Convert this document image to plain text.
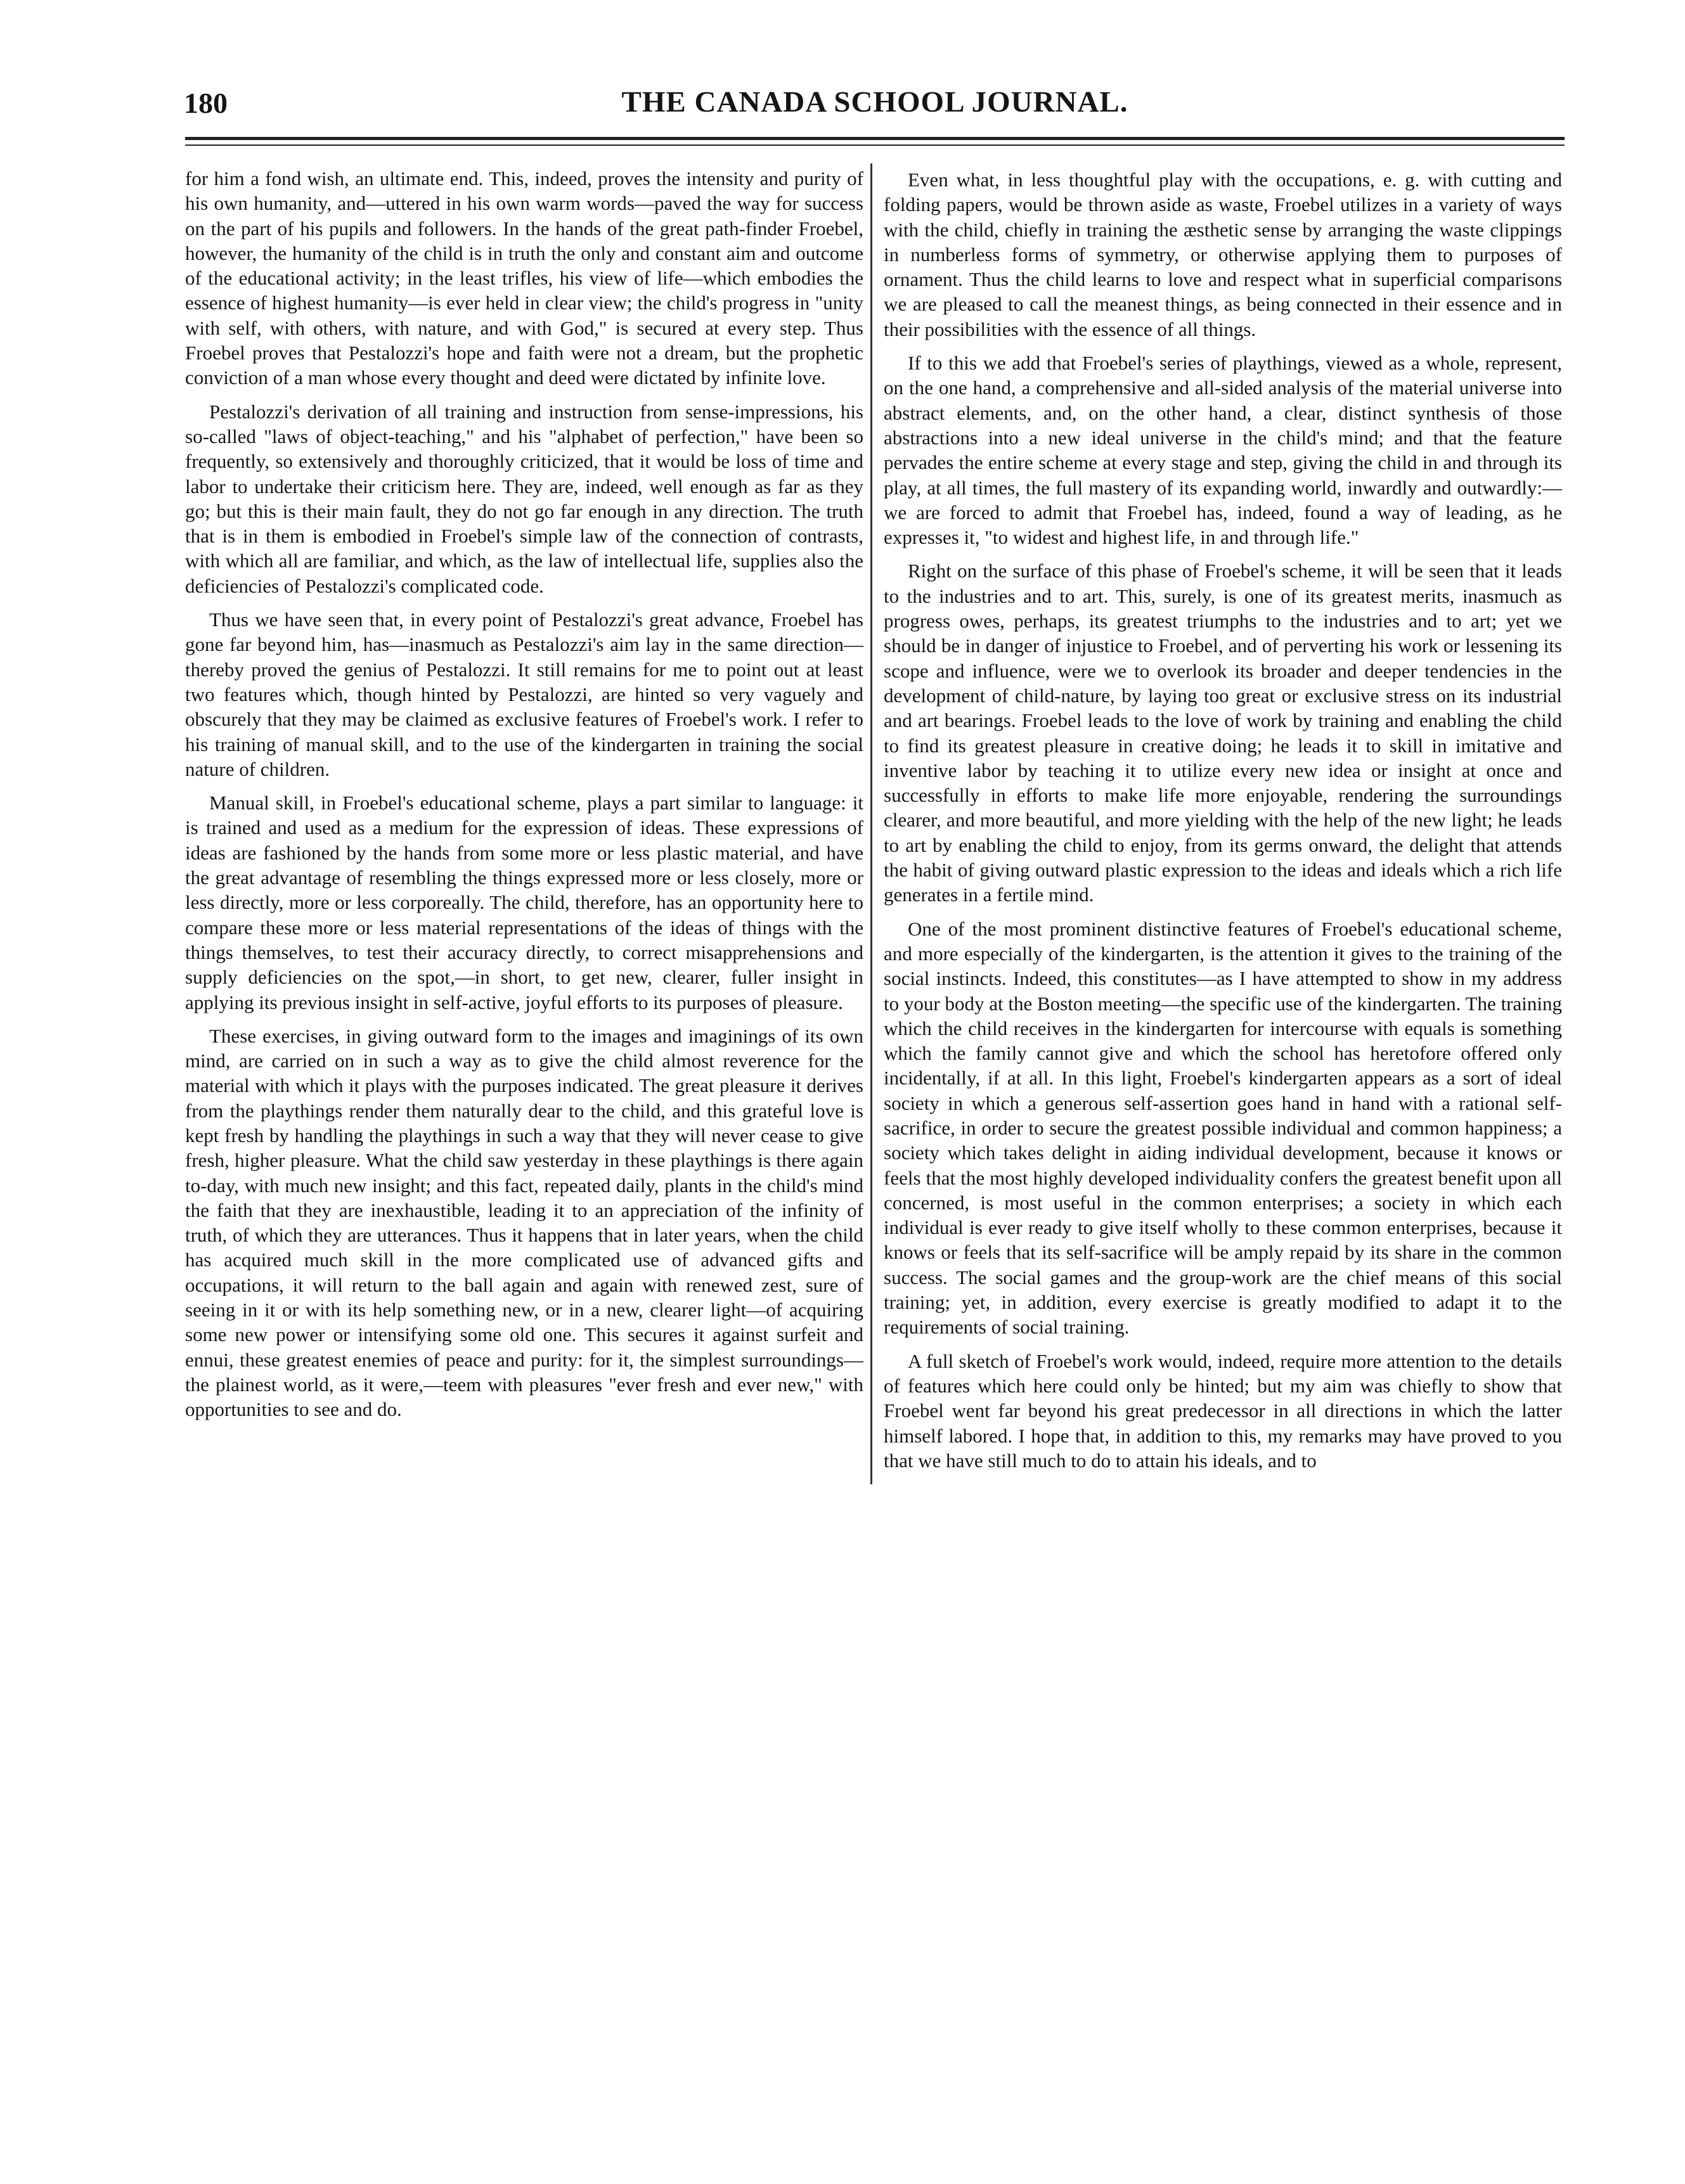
180	THE CANADA SCHOOL JOURNAL.

for him a fond wish, an ultimate end. This, indeed, proves the intensity and purity of his own humanity, and—uttered in his own warm words—paved the way for success on the part of his pupils and followers. In the hands of the great path-finder Froebel, however, the humanity of the child is in truth the only and constant aim and outcome of the educational activity; in the least trifles, his view of life—which embodies the essence of highest humanity—is ever held in clear view; the child's progress in "unity with self, with others, with nature, and with God," is secured at every step. Thus Froebel proves that Pestalozzi's hope and faith were not a dream, but the prophetic conviction of a man whose every thought and deed were dictated by infinite love.

Pestalozzi's derivation of all training and instruction from sense-impressions, his so-called "laws of object-teaching," and his "alphabet of perfection," have been so frequently, so extensively and thoroughly criticized, that it would be loss of time and labor to undertake their criticism here. They are, indeed, well enough as far as they go; but this is their main fault, they do not go far enough in any direction. The truth that is in them is embodied in Froebel's simple law of the connection of contrasts, with which all are familiar, and which, as the law of intellectual life, supplies also the deficiencies of Pestalozzi's complicated code.

Thus we have seen that, in every point of Pestalozzi's great advance, Froebel has gone far beyond him, has—inasmuch as Pestalozzi's aim lay in the same direction—thereby proved the genius of Pestalozzi. It still remains for me to point out at least two features which, though hinted by Pestalozzi, are hinted so very vaguely and obscurely that they may be claimed as exclusive features of Froebel's work. I refer to his training of manual skill, and to the use of the kindergarten in training the social nature of children.

Manual skill, in Froebel's educational scheme, plays a part similar to language: it is trained and used as a medium for the expression of ideas. These expressions of ideas are fashioned by the hands from some more or less plastic material, and have the great advantage of resembling the things expressed more or less closely, more or less directly, more or less corporeally. The child, therefore, has an opportunity here to compare these more or less material representations of the ideas of things with the things themselves, to test their accuracy directly, to correct misapprehensions and supply deficiencies on the spot,—in short, to get new, clearer, fuller insight in applying its previous insight in self-active, joyful efforts to its purposes of pleasure.

These exercises, in giving outward form to the images and imaginings of its own mind, are carried on in such a way as to give the child almost reverence for the material with which it plays with the purposes indicated. The great pleasure it derives from the playthings render them naturally dear to the child, and this grateful love is kept fresh by handling the playthings in such a way that they will never cease to give fresh, higher pleasure. What the child saw yesterday in these playthings is there again to-day, with much new insight; and this fact, repeated daily, plants in the child's mind the faith that they are inexhaustible, leading it to an appreciation of the infinity of truth, of which they are utterances. Thus it happens that in later years, when the child has acquired much skill in the more complicated use of advanced gifts and occupations, it will return to the ball again and again with renewed zest, sure of seeing in it or with its help something new, or in a new, clearer light—of acquiring some new power or intensifying some old one. This secures it against surfeit and ennui, these greatest enemies of peace and purity: for it, the simplest surroundings—the plainest world, as it were,—teem with pleasures "ever fresh and ever new," with opportunities to see and do.

Even what, in less thoughtful play with the occupations, e. g. with cutting and folding papers, would be thrown aside as waste, Froebel utilizes in a variety of ways with the child, chiefly in training the æsthetic sense by arranging the waste clippings in numberless forms of symmetry, or otherwise applying them to purposes of ornament. Thus the child learns to love and respect what in superficial comparisons we are pleased to call the meanest things, as being connected in their essence and in their possibilities with the essence of all things.

If to this we add that Froebel's series of playthings, viewed as a whole, represent, on the one hand, a comprehensive and all-sided analysis of the material universe into abstract elements, and, on the other hand, a clear, distinct synthesis of those abstractions into a new ideal universe in the child's mind; and that the feature pervades the entire scheme at every stage and step, giving the child in and through its play, at all times, the full mastery of its expanding world, inwardly and outwardly:—we are forced to admit that Froebel has, indeed, found a way of leading, as he expresses it, "to widest and highest life, in and through life."

Right on the surface of this phase of Froebel's scheme, it will be seen that it leads to the industries and to art. This, surely, is one of its greatest merits, inasmuch as progress owes, perhaps, its greatest triumphs to the industries and to art; yet we should be in danger of injustice to Froebel, and of perverting his work or lessening its scope and influence, were we to overlook its broader and deeper tendencies in the development of child-nature, by laying too great or exclusive stress on its industrial and art bearings. Froebel leads to the love of work by training and enabling the child to find its greatest pleasure in creative doing; he leads it to skill in imitative and inventive labor by teaching it to utilize every new idea or insight at once and successfully in efforts to make life more enjoyable, rendering the surroundings clearer, and more beautiful, and more yielding with the help of the new light; he leads to art by enabling the child to enjoy, from its germs onward, the delight that attends the habit of giving outward plastic expression to the ideas and ideals which a rich life generates in a fertile mind.

One of the most prominent distinctive features of Froebel's educational scheme, and more especially of the kindergarten, is the attention it gives to the training of the social instincts. Indeed, this constitutes—as I have attempted to show in my address to your body at the Boston meeting—the specific use of the kindergarten. The training which the child receives in the kindergarten for intercourse with equals is something which the family cannot give and which the school has heretofore offered only incidentally, if at all. In this light, Froebel's kindergarten appears as a sort of ideal society in which a generous self-assertion goes hand in hand with a rational self-sacrifice, in order to secure the greatest possible individual and common happiness; a society which takes delight in aiding individual development, because it knows or feels that the most highly developed individuality confers the greatest benefit upon all concerned, is most useful in the common enterprises; a society in which each individual is ever ready to give itself wholly to these common enterprises, because it knows or feels that its self-sacrifice will be amply repaid by its share in the common success. The social games and the group-work are the chief means of this social training; yet, in addition, every exercise is greatly modified to adapt it to the requirements of social training.

A full sketch of Froebel's work would, indeed, require more attention to the details of features which here could only be hinted; but my aim was chiefly to show that Froebel went far beyond his great predecessor in all directions in which the latter himself labored. I hope that, in addition to this, my remarks may have proved to you that we have still much to do to attain his ideals, and to
